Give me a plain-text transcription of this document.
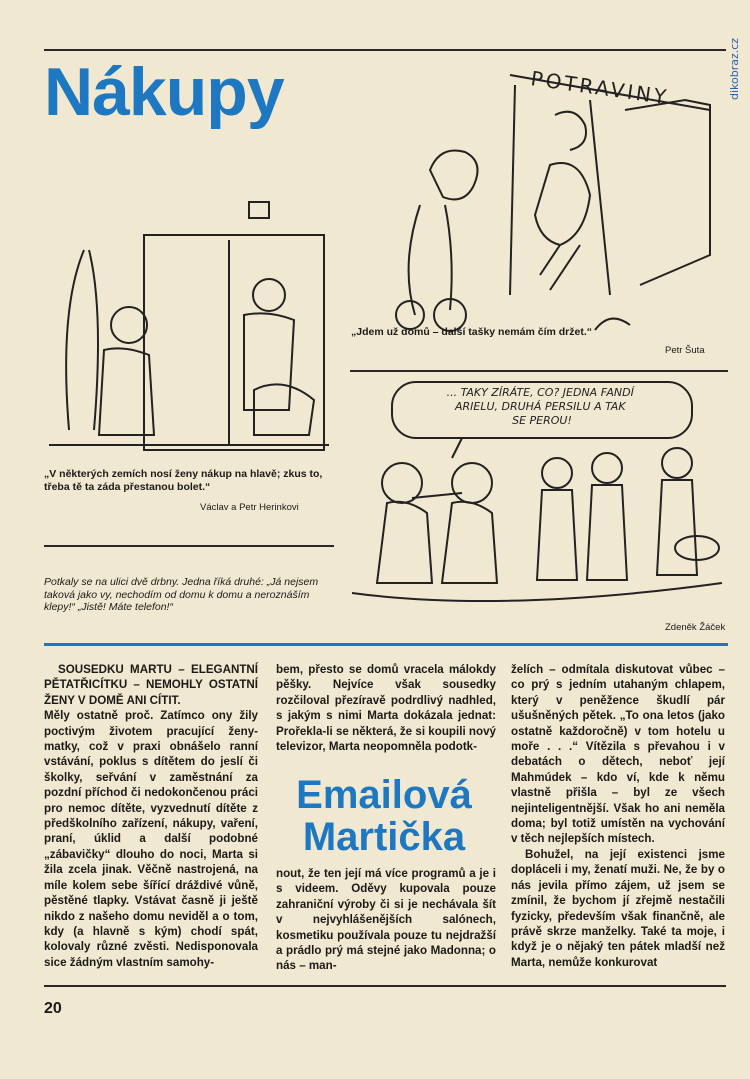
dikobraz.cz
Nákupy	POTRAVINY
„Jdem už domů – další tašky nemám čím držet.“
Petr Šuta
„V některých zemích nosí ženy nákup na hlavě; zkus to, třeba tě ta záda přestanou bolet.“
Václav a Petr Herinkovi
... TAKY ZÍRÁTE, CO? JEDNA FANDÍ ARIELU, DRUHÁ PERSILU A TAK SE PEROU!
Zdeněk Žáček
Potkaly se na ulici dvě drbny. Jedna říká druhé: „Já nejsem taková jako vy, nechodím od domu k domu a neroznáším klepy!“ „Jistě! Máte telefon!“

SOUSEDKU MARTU – ELEGANTNÍ PĚTATŘICÍTKU – NEMOHLY OSTATNÍ ŽENY V DOMĚ ANI CÍTIT.

Měly ostatně proč. Zatímco ony žily poctivým životem pracující ženy-matky, což v praxi obnášelo ranní vstávání, poklus s dítětem do jeslí či školky, seřvání v zaměstnání za pozdní příchod či nedokončenou práci pro nemoc dítěte, vyzvednutí dítěte z předškolního zařízení, nákupy, vaření, praní, úklid a další podobné „zábavičky“ dlouho do noci, Marta si žila zcela jinak. Věčně nastrojená, na míle kolem sebe šířící dráždivé vůně, pěstěné tlapky. Vstávat časně ji ještě nikdo z našeho domu neviděl a o tom, kdy (a hlavně s kým) chodí spát, kolovaly různé zvěsti. Nedisponovala sice žádným vlastním samohy-

bem, přesto se domů vracela málokdy pěšky. Nejvíce však sousedky rozčiloval přezíravě podrdlivý nadhled, s jakým s nimi Marta dokázala jednat: Prořekla-li se některá, že si koupili nový televizor, Marta neopomněla podotk-

Emailová Martička

nout, že ten její má více programů a je i s videem. Oděvy kupovala pouze zahraniční výroby či si je nechávala šít v nejvyhlášenějších salónech, kosmetiku používala pouze tu nejdražší a prádlo prý má stejné jako Madonna; o nás – man-

želích – odmítala diskutovat vůbec – co prý s jedním utahaným chlapem, který v peněžence škudlí pár ušušněných pětek. „To ona letos (jako ostatně každoročně) v tom hotelu u moře . . .“ Vítězila s převahou i v debatách o dětech, neboť její Mahmúdek – kdo ví, kde k němu vlastně přišla – byl ze všech nejinteligentnější. Však ho ani neměla doma; byl totiž umístěn na vychování v těch nejlepších místech.

Bohužel, na její existenci jsme dopláceli i my, ženatí muži. Ne, že by o nás jevila přímo zájem, už jsem se zmínil, že bychom jí zřejmě nestačili fyzicky, především však finančně, ale právě skrze manželky. Také ta moje, i když je o nějaký ten pátek mladší než Marta, nemůže konkurovat

20
